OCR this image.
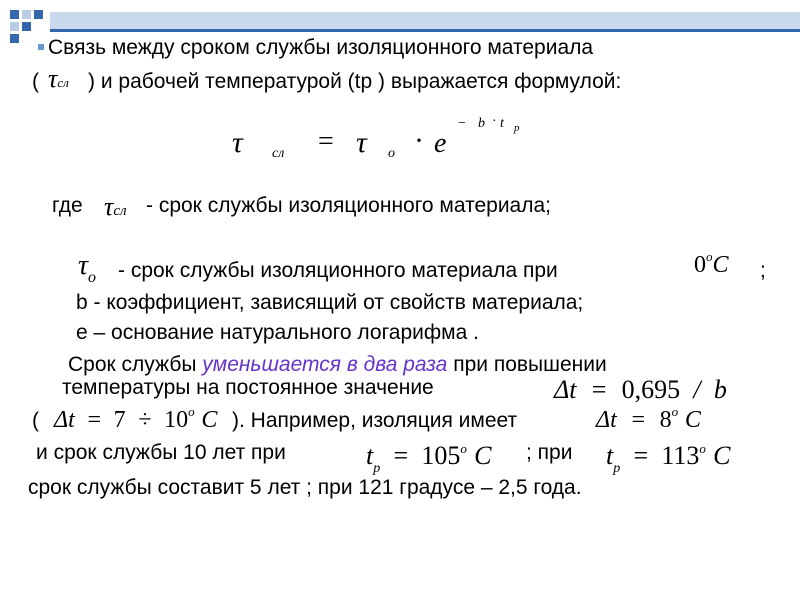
Связь между сроком службы изоляционного материала
( τсл ) и рабочей температурой (tp ) выражается формулой:
τ сл = τ o · e
− b · t p
где τсл - срок службы изоляционного материала;
τo - срок службы изоляционного материала при	0$^o$C ;
b - коэффициент, зависящий от свойств материала;
e – основание натурального логарифма .
Срок службы уменьшается в два раза при повышении
температуры на постоянное значение	Δt = 0,695 / b
( $\Delta t = 7 \div 10^o$ C ). Например, изоляция имеет	$\Delta t = 8^o$ C
и срок службы 10 лет при	$t_p = 105^o$ C ; при $t_p = 113^o$ C
срок службы составит 5 лет ; при 121 градусе – 2,5 года.
